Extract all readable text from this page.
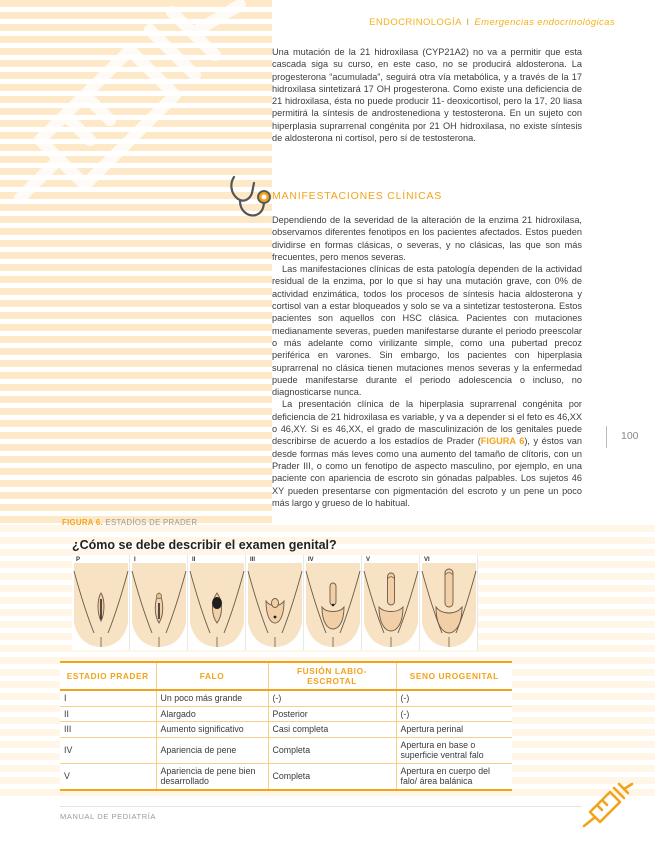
ENDOCRINOLOGÍA I Emergencias endocrinológicas
Una mutación de la 21 hidroxilasa (CYP21A2) no va a permitir que esta cascada siga su curso, en este caso, no se producirá aldosterona. La progesterona “acumulada”, seguirá otra vía metabólica, y a través de la 17 hidroxilasa sintetizará 17 OH progesterona. Como existe una deficiencia de 21 hidroxilasa, ésta no puede producir 11- deoxicortisol, pero la 17, 20 liasa permitirá la síntesis de androstenediona y testosterona. En un sujeto con hiperplasia suprarrenal congénita por 21 OH hidroxilasa, no existe síntesis de aldosterona ni cortisol, pero sí de testosterona.
MANIFESTACIONES CLÍNICAS

Dependiendo de la severidad de la alteración de la enzima 21 hidroxilasa, observamos diferentes fenotipos en los pacientes afectados. Estos pueden dividirse en formas clásicas, o severas, y no clásicas, las que son más frecuentes, pero menos severas.

Las manifestaciones clínicas de esta patología dependen de la actividad residual de la enzima, por lo que si hay una mutación grave, con 0% de actividad enzimática, todos los procesos de síntesis hacia aldosterona y cortisol van a estar bloqueados y solo se va a sintetizar testosterona. Estos pacientes son aquellos con HSC clásica. Pacientes con mutaciones medianamente severas, pueden manifestarse durante el periodo preescolar o más adelante como virilizante simple, como una pubertad precoz periférica en varones. Sin embargo, los pacientes con hiperplasia suprarrenal no clásica tienen mutaciones menos severas y la enfermedad puede manifestarse durante el periodo adolescencia o incluso, no diagnosticarse nunca.

La presentación clínica de la hiperplasia suprarrenal congénita por deficiencia de 21 hidroxilasa es variable, y va a depender si el feto es 46,XX o 46,XY. Si es 46,XX, el grado de masculinización de los genitales puede describirse de acuerdo a los estadíos de Prader (FIGURA 6), y éstos van desde formas más leves como una aumento del tamaño de clítoris, con un Prader III, o como un fenotipo de aspecto masculino, por ejemplo, en una paciente con apariencia de escroto sin gónadas palpables. Los sujetos 46 XY pueden presentarse con pigmentación del escroto y un pene un poco más largo y grueso de lo habitual.

100
FIGURA 6. ESTADÍOS DE PRADER
¿Cómo se debe describir el examen genital?
P	I	II	III	IV	V	VI
ESTADIO PRADER	FALO	FUSIÓN LABIO-ESCROTAL	SENO UROGENITAL
I	Un poco más grande	(-)	(-)
II	Alargado	Posterior	(-)
III	Aumento significativo	Casi completa	Apertura perinal
IV	Apariencia de pene	Completa	Apertura en base o superficie ventral falo
V	Apariencia de pene bien desarrollado	Completa	Apertura en cuerpo del falo/ área balánica
MANUAL DE PEDIATRÍA
